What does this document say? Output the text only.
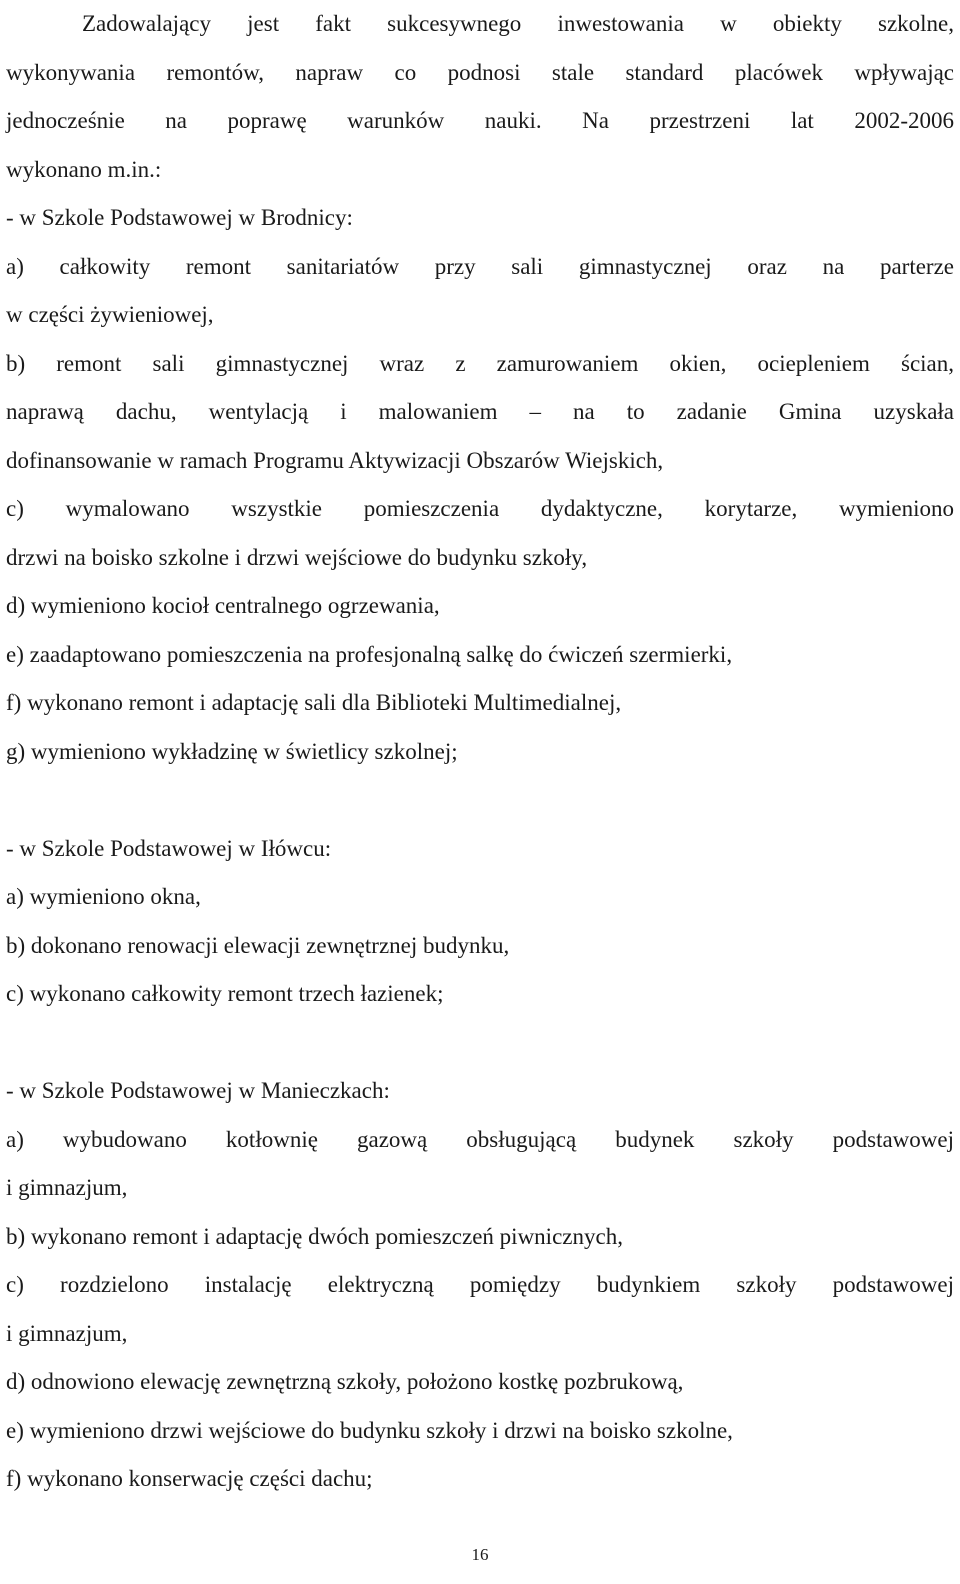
Zadowalający jest fakt sukcesywnego inwestowania w obiekty szkolne,
wykonywania remontów, napraw co podnosi stale standard placówek wpływając
jednocześnie na poprawę warunków nauki. Na przestrzeni lat 2002-2006
wykonano m.in.:
- w Szkole Podstawowej w Brodnicy:
a) całkowity remont sanitariatów przy sali gimnastycznej oraz na parterze
w części żywieniowej,
b) remont sali gimnastycznej wraz z zamurowaniem okien, ociepleniem ścian,
naprawą dachu, wentylacją i malowaniem – na to zadanie Gmina uzyskała
dofinansowanie w ramach Programu Aktywizacji Obszarów Wiejskich,
c) wymalowano wszystkie pomieszczenia dydaktyczne, korytarze, wymieniono
drzwi na boisko szkolne i drzwi wejściowe do budynku szkoły,
d) wymieniono kocioł centralnego ogrzewania,
e) zaadaptowano pomieszczenia na profesjonalną salkę do ćwiczeń szermierki,
f) wykonano remont i adaptację sali dla Biblioteki Multimedialnej,
g) wymieniono wykładzinę w świetlicy szkolnej;
- w Szkole Podstawowej w Iłówcu:
a) wymieniono okna,
b) dokonano renowacji elewacji zewnętrznej budynku,
c) wykonano całkowity remont trzech łazienek;
- w Szkole Podstawowej w Manieczkach:
a) wybudowano kotłownię gazową obsługującą budynek szkoły podstawowej
i gimnazjum,
b) wykonano remont i adaptację dwóch pomieszczeń piwnicznych,
c) rozdzielono instalację elektryczną pomiędzy budynkiem szkoły podstawowej
i gimnazjum,
d) odnowiono elewację zewnętrzną szkoły, położono kostkę pozbrukową,
e) wymieniono drzwi wejściowe do budynku szkoły i drzwi na boisko szkolne,
f) wykonano konserwację części dachu;
16
